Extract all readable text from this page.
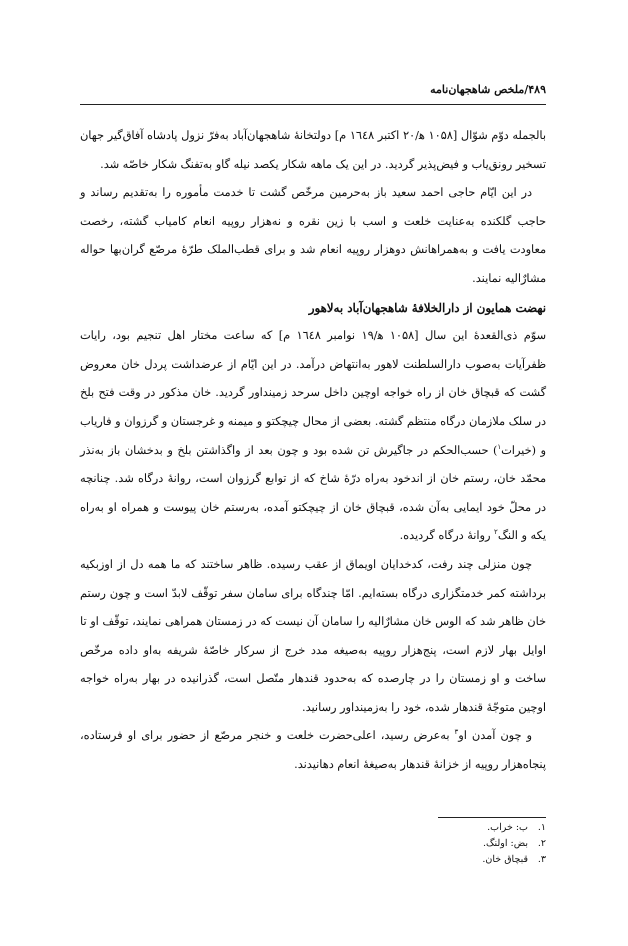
۴۸۹/ملخص شاهجهان‌نامه

بالجمله دوّم شوّال [۱۰۵۸ ﻫ/۲۰ اکتبر ۱٦٤٨ م] دولتخانهٔ شاهجهان‌آباد به‌فرّ نزول پادشاه آفاق‌گیر جهان تسخیر رونق‌یاب و فیض‌پذیر گردید. در این یک ماهه شکار یکصد نیله گاو به‌تفنگ شکار خاصّه شد.

در این ایّام حاجی احمد سعید باز به‌حرمین مرخّص گشت تا خدمت مأموره را به‌تقدیم رساند و حاجب گلکنده به‌عنایت خلعت و اسب با زین نقره و نه‌هزار روپیه انعام کامیاب گشته، رخصت معاودت یافت و به‌همراهانش دوهزار روپیه انعام شد و برای قطب‌الملک طرّهٔ مرصّع گران‌بها حواله مشارٌالیه نمایند.

نهضت همایون از دارالخلافهٔ شاهجهان‌آباد به‌لاهور

سوّم ذی‌القعدهٔ این سال [۱۰۵۸ ﻫ/۱۹ نوامبر ۱٦٤٨ م] که ساعت مختار اهل تنجیم بود، رایات ظفرآیات به‌صوب دارالسلطنت لاهور به‌انتهاض درآمد. در این ایّام از عرضداشت پردل خان معروض گشت که قبچاق خان از راه خواجه اوچین داخل سرحد زمینداور گردید. خان مذکور در وقت فتح بلخ در سلک ملازمان درگاه منتظم گشته. بعضی از محال چیچکتو و میمنه و غرجستان و گرزوان و فاریاب و (خیرات$^۱$) حسب‌الحکم در جاگیرش تن شده بود و چون بعد از واگذاشتن بلخ و بدخشان باز به‌نذر محمّد خان، رستم خان از اندخود به‌راه درّهٔ شاخ که از توابع گرزوان است، روانهٔ درگاه شد. چنانچه در محلّ خود ایمایی به‌آن شده، قبچاق خان از چیچکتو آمده، به‌رستم خان پیوست و همراه او به‌راه یکه و النگ$^۲$ روانهٔ درگاه گردیده.

چون منزلی چند رفت، کدخدایان اویماق از عقب رسیده. ظاهر ساختند که ما همه دل از اوزبکیه برداشته کمر خدمتگزاری درگاه بسته‌ایم. امّا چندگاه برای سامان سفر توقّف لابدّ است و چون رستم خان ظاهر شد که الوس خان مشارٌالیه را سامان آن نیست که در زمستان همراهی نمایند، توقّف او تا اوایل بهار لازم است، پنج‌هزار روپیه به‌صیغه مدد خرج از سرکار خاصّهٔ شریفه به‌او داده مرخّص ساخت و او زمستان را در چارصده که به‌حدود قندهار متّصل است، گذرانیده در بهار به‌راه خواجه اوچین متوجّهٔ قندهار شده، خود را به‌زمینداور رسانید.

و چون آمدن او$^۳$ به‌عرض رسید، اعلی‌حضرت خلعت و خنجر مرصّع از حضور برای او فرستاده، پنجاه‌هزار روپیه از خزانهٔ قندهار به‌صیغهٔ انعام دهانیدند.

۱.ب: خراب.
۲.بض: اولنگ.
۳.قبچاق خان.
